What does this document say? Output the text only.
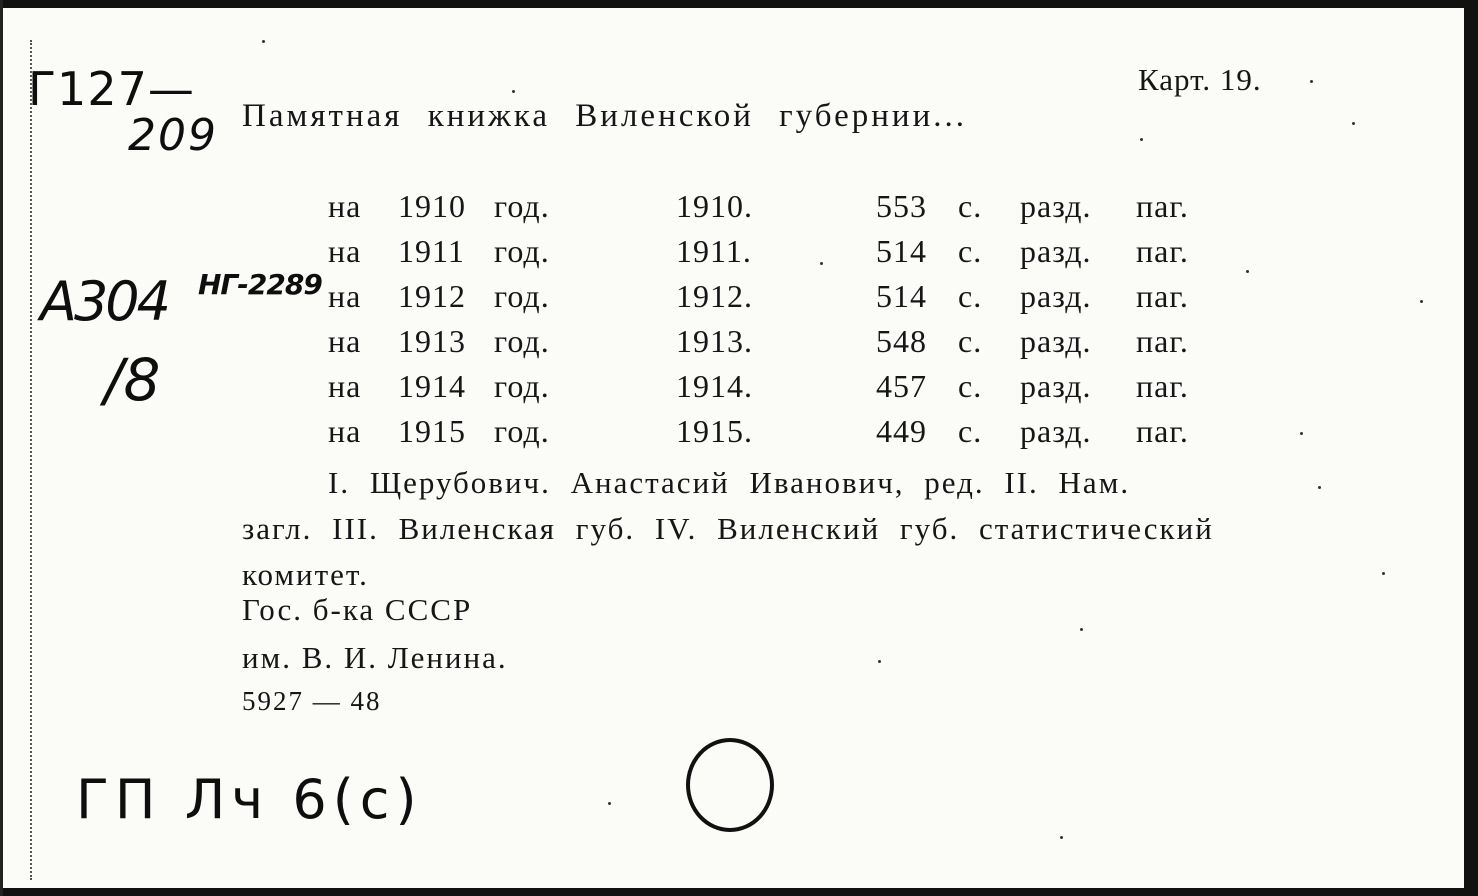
Г127—
209
A304 НГ-2289
/8
ГП Лч 6(с)
Карт. 19.
Памятная книжка Виленской губернии...
на 1910 год.	1910.	553 с. разд. паг.
на 1911 год.	1911.	514 с. разд. паг.
на 1912 год.	1912.	514 с. разд. паг.
на 1913 год.	1913.	548 с. разд. паг.
на 1914 год.	1914.	457 с. разд. паг.
на 1915 год.	1915.	449 с. разд. паг.
I. Щерубович. Анастасий Иванович, ред. II. Нам.
загл. III. Виленская губ. IV. Виленский губ. статистический
комитет.
Гос. б-ка СССР
им. В. И. Ленина.
5927 — 48
